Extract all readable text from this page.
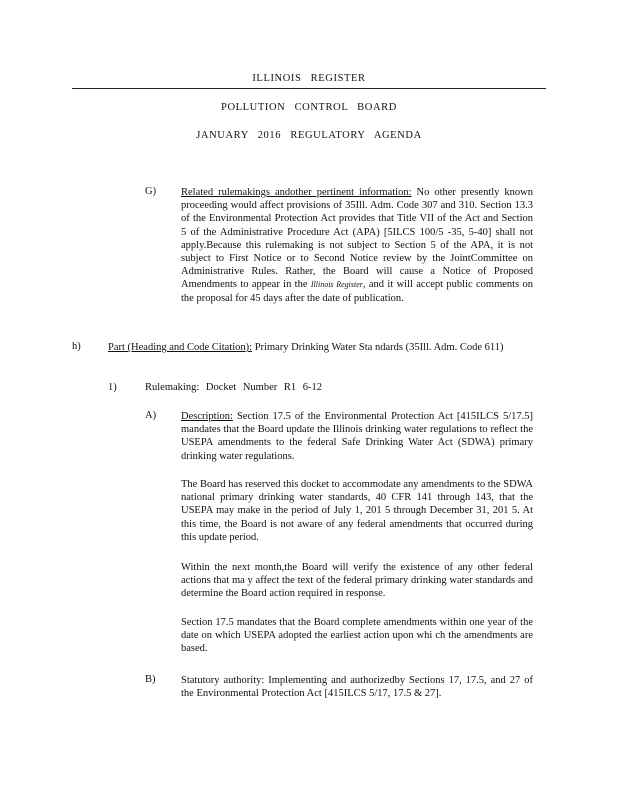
ILLINOIS REGISTER
POLLUTION CONTROL BOARD
JANUARY 2016 REGULATORY AGENDA
G) Related rulemakings andother pertinent information: No other presently known proceeding would affect provisions of 35Ill. Adm. Code 307 and 310. Section 13.3 of the Environmental Protection Act provides that Title VII of the Act and Section 5 of the Administrative Procedure Act (APA) [5ILCS 100/5 -35, 5-40] shall not apply.Because this rulemaking is not subject to Section 5 of the APA, it is not subject to First Notice or to Second Notice review by the JointCommittee on Administrative Rules. Rather, the Board will cause a Notice of Proposed Amendments to appear in the Illinois Register, and it will accept public comments on the proposal for 45 days after the date of publication.
h)	Part (Heading and Code Citation): Primary Drinking Water Sta ndards (35Ill. Adm. Code 611)
1)	Rulemaking: Docket Number R1 6-12
A) Description: Section 17.5 of the Environmental Protection Act [415ILCS 5/17.5] mandates that the Board update the Illinois drinking water regulations to reflect the USEPA amendments to the federal Safe Drinking Water Act (SDWA) primary drinking water regulations.

The Board has reserved this docket to accommodate any amendments to the SDWA national primary drinking water standards, 40 CFR 141 through 143, that the USEPA may make in the period of July 1, 201 5 through December 31, 201 5. At this time, the Board is not aware of any federal amendments that occurred during this update period.
Within the next month,the Board will verify the existence of any other federal actions that ma y affect the text of the federal primary drinking water standards and determine the Board action required in response.
Section 17.5 mandates that the Board complete amendments within one year of the date on which USEPA adopted the earliest action upon whi ch the amendments are based.
B) Statutory authority: Implementing and authorizedby Sections 17, 17.5, and 27 of the Environmental Protection Act [415ILCS 5/17, 17.5 & 27].
